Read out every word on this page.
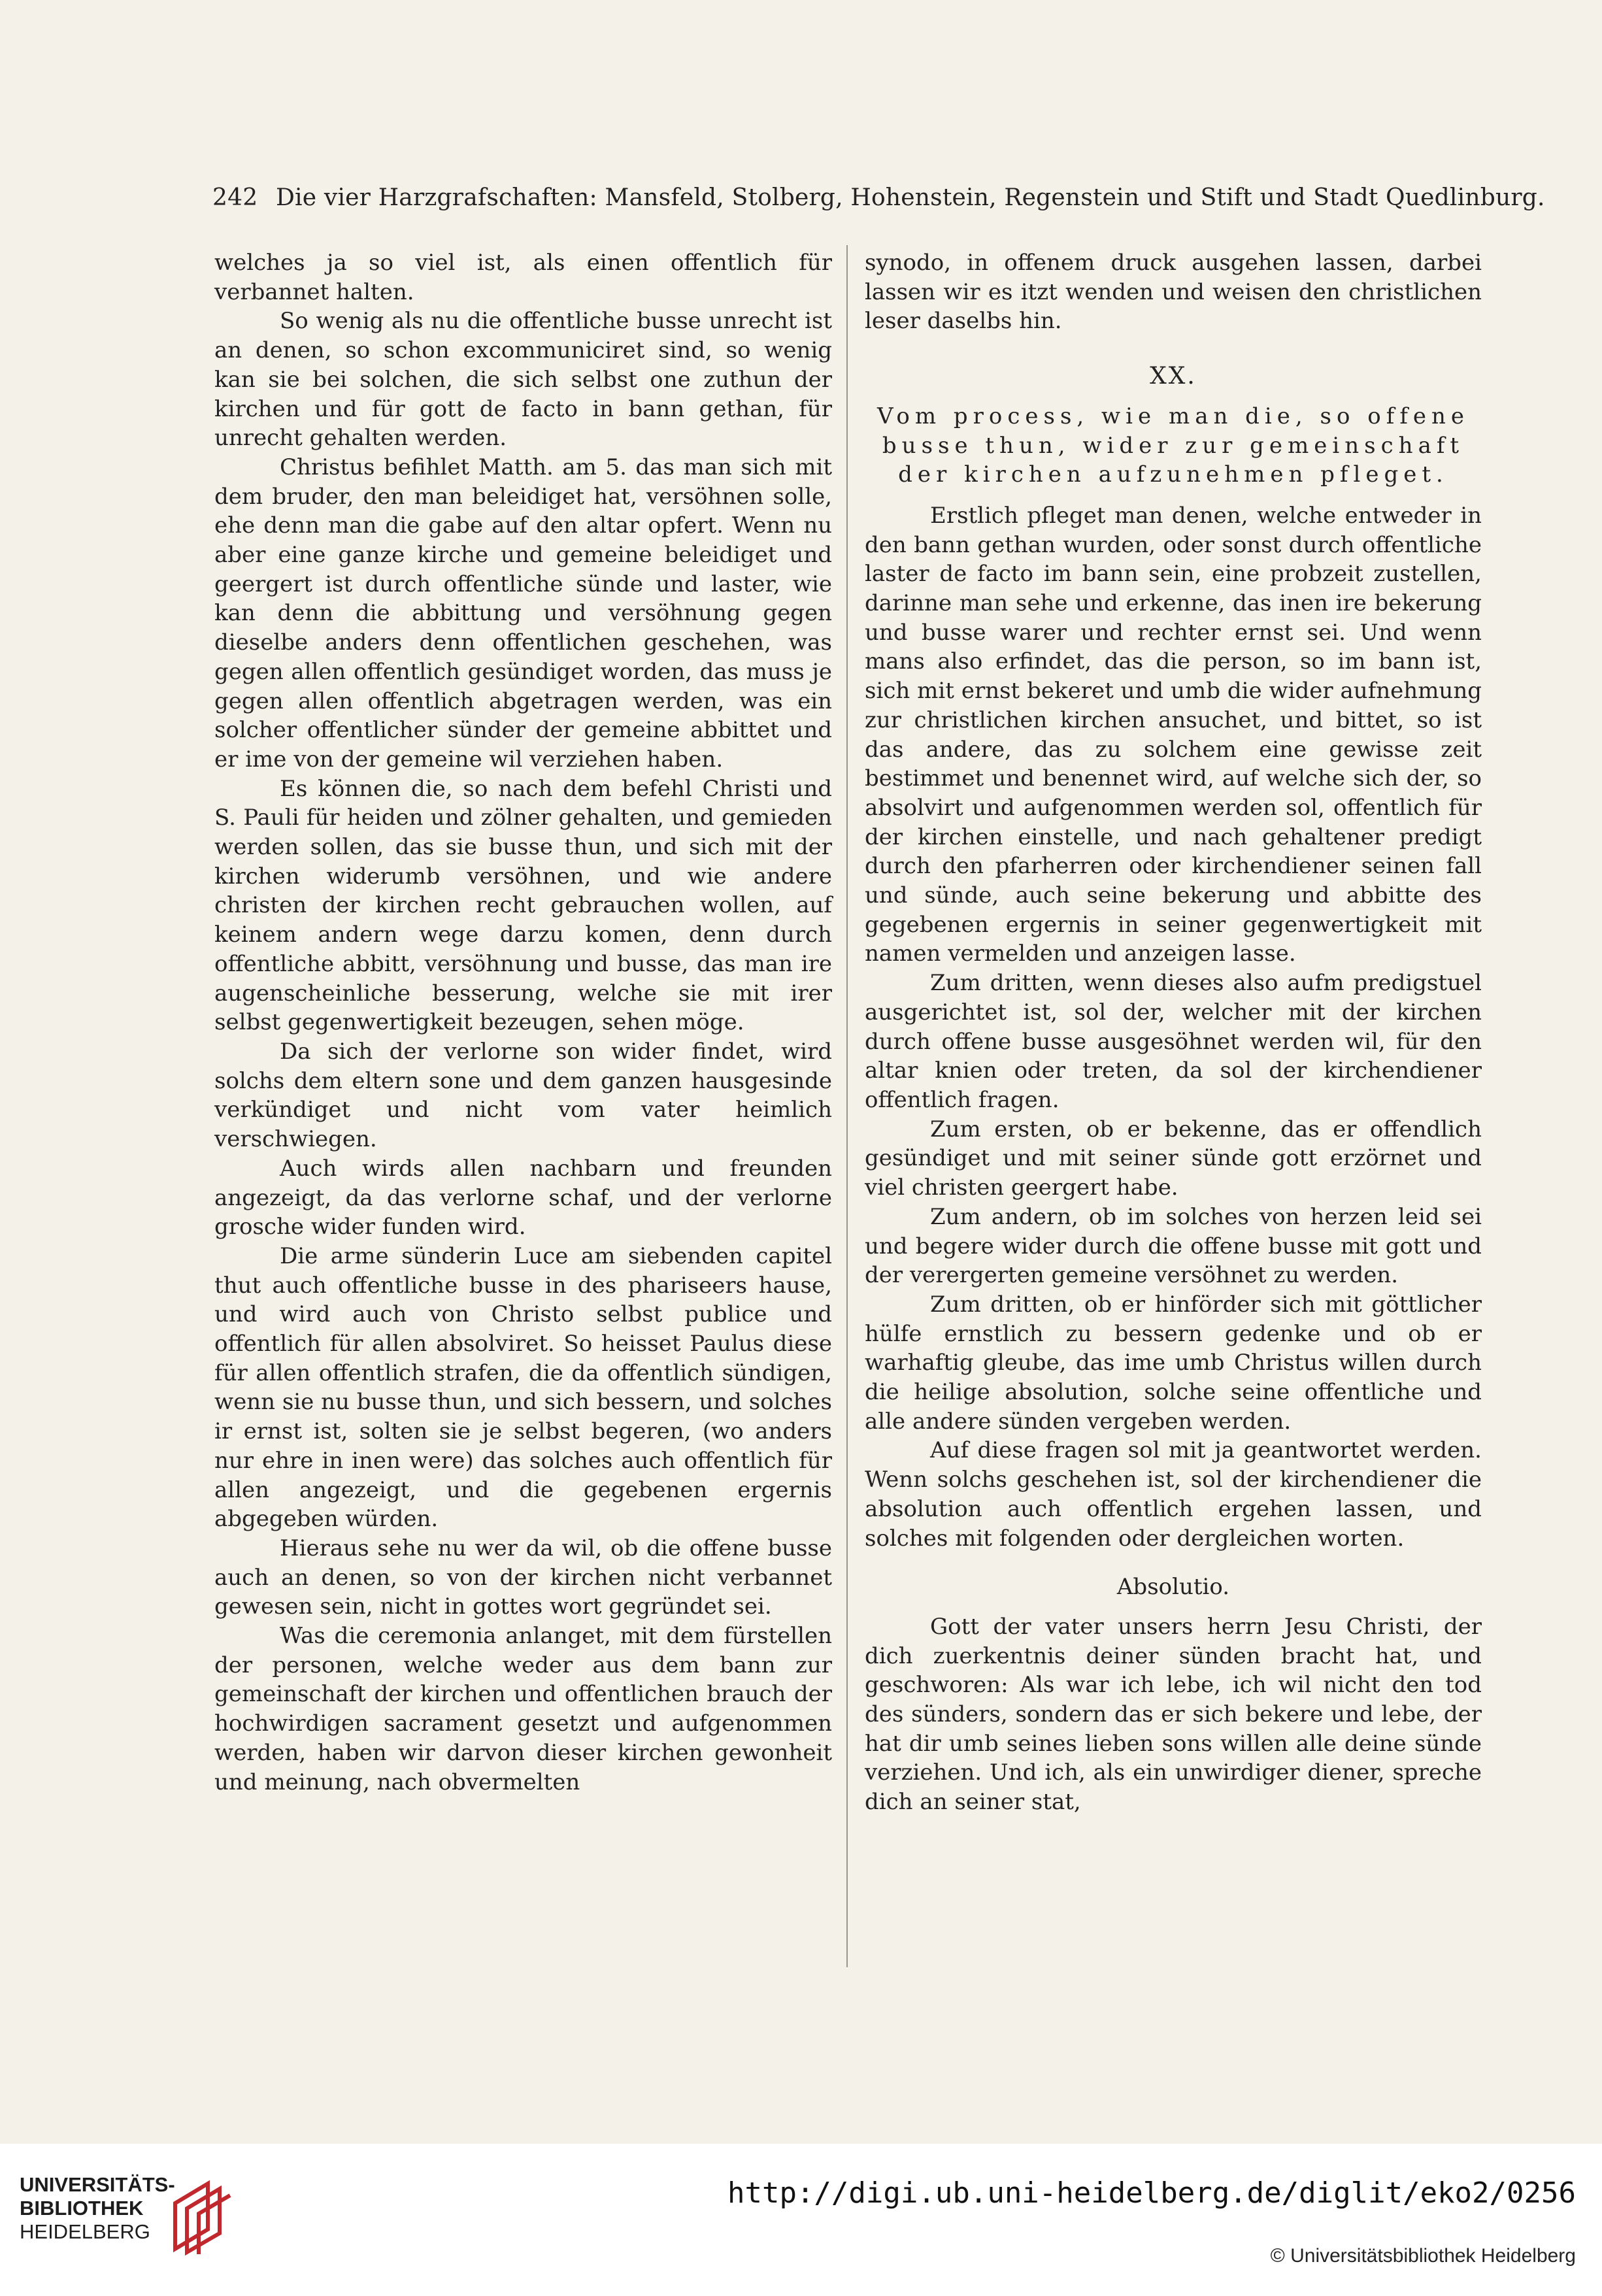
242 Die vier Harzgrafschaften: Mansfeld, Stolberg, Hohenstein, Regenstein und Stift und Stadt Quedlinburg.

welches ja so viel ist, als einen offentlich für verbannet halten.

So wenig als nu die offentliche busse unrecht ist an denen, so schon excommuniciret sind, so wenig kan sie bei solchen, die sich selbst one zuthun der kirchen und für gott de facto in bann gethan, für unrecht gehalten werden.

Christus befihlet Matth. am 5. das man sich mit dem bruder, den man beleidiget hat, versöhnen solle, ehe denn man die gabe auf den altar opfert. Wenn nu aber eine ganze kirche und gemeine beleidiget und geergert ist durch offentliche sünde und laster, wie kan denn die abbittung und versöhnung gegen dieselbe anders denn offentlichen geschehen, was gegen allen offentlich gesündiget worden, das muss je gegen allen offentlich abgetragen werden, was ein solcher offentlicher sünder der gemeine abbittet und er ime von der gemeine wil verziehen haben.

Es können die, so nach dem befehl Christi und S. Pauli für heiden und zölner gehalten, und gemieden werden sollen, das sie busse thun, und sich mit der kirchen widerumb versöhnen, und wie andere christen der kirchen recht gebrauchen wollen, auf keinem andern wege darzu komen, denn durch offentliche abbitt, versöhnung und busse, das man ire augenscheinliche besserung, welche sie mit irer selbst gegenwertigkeit bezeugen, sehen möge.

Da sich der verlorne son wider findet, wird solchs dem eltern sone und dem ganzen hausgesinde verkündiget und nicht vom vater heimlich verschwiegen.

Auch wirds allen nachbarn und freunden angezeigt, da das verlorne schaf, und der verlorne grosche wider funden wird.

Die arme sünderin Luce am siebenden capitel thut auch offentliche busse in des phariseers hause, und wird auch von Christo selbst publice und offentlich für allen absolviret. So heisset Paulus diese für allen offentlich strafen, die da offentlich sündigen, wenn sie nu busse thun, und sich bessern, und solches ir ernst ist, solten sie je selbst begeren, (wo anders nur ehre in inen were) das solches auch offentlich für allen angezeigt, und die gegebenen ergernis abgegeben würden.

Hieraus sehe nu wer da wil, ob die offene busse auch an denen, so von der kirchen nicht verbannet gewesen sein, nicht in gottes wort gegründet sei.

Was die ceremonia anlanget, mit dem fürstellen der personen, welche weder aus dem bann zur gemeinschaft der kirchen und offentlichen brauch der hochwirdigen sacrament gesetzt und aufgenommen werden, haben wir darvon dieser kirchen gewonheit und meinung, nach obvermelten

synodo, in offenem druck ausgehen lassen, darbei lassen wir es itzt wenden und weisen den christlichen leser daselbs hin.

XX.

Vom process, wie man die, so offene busse thun, wider zur gemeinschaft der kirchen aufzunehmen pfleget.

Erstlich pfleget man denen, welche entweder in den bann gethan wurden, oder sonst durch offentliche laster de facto im bann sein, eine probzeit zustellen, darinne man sehe und erkenne, das inen ire bekerung und busse warer und rechter ernst sei. Und wenn mans also erfindet, das die person, so im bann ist, sich mit ernst bekeret und umb die wider aufnehmung zur christlichen kirchen ansuchet, und bittet, so ist das andere, das zu solchem eine gewisse zeit bestimmet und benennet wird, auf welche sich der, so absolvirt und aufgenommen werden sol, offentlich für der kirchen einstelle, und nach gehaltener predigt durch den pfarherren oder kirchendiener seinen fall und sünde, auch seine bekerung und abbitte des gegebenen ergernis in seiner gegenwertigkeit mit namen vermelden und anzeigen lasse.

Zum dritten, wenn dieses also aufm predigstuel ausgerichtet ist, sol der, welcher mit der kirchen durch offene busse ausgesöhnet werden wil, für den altar knien oder treten, da sol der kirchendiener offentlich fragen.

Zum ersten, ob er bekenne, das er offendlich gesündiget und mit seiner sünde gott erzörnet und viel christen geergert habe.

Zum andern, ob im solches von herzen leid sei und begere wider durch die offene busse mit gott und der verergerten gemeine versöhnet zu werden.

Zum dritten, ob er hinförder sich mit göttlicher hülfe ernstlich zu bessern gedenke und ob er warhaftig gleube, das ime umb Christus willen durch die heilige absolution, solche seine offentliche und alle andere sünden vergeben werden.

Auf diese fragen sol mit ja geantwortet werden. Wenn solchs geschehen ist, sol der kirchendiener die absolution auch offentlich ergehen lassen, und solches mit folgenden oder dergleichen worten.

Absolutio.

Gott der vater unsers herrn Jesu Christi, der dich zuerkentnis deiner sünden bracht hat, und geschworen: Als war ich lebe, ich wil nicht den tod des sünders, sondern das er sich bekere und lebe, der hat dir umb seines lieben sons willen alle deine sünde verziehen. Und ich, als ein unwirdiger diener, spreche dich an seiner stat,

UNIVERSITÄTS-
BIBLIOTHEK
HEIDELBERG
http://digi.ub.uni-heidelberg.de/diglit/eko2/0256
© Universitätsbibliothek Heidelberg
